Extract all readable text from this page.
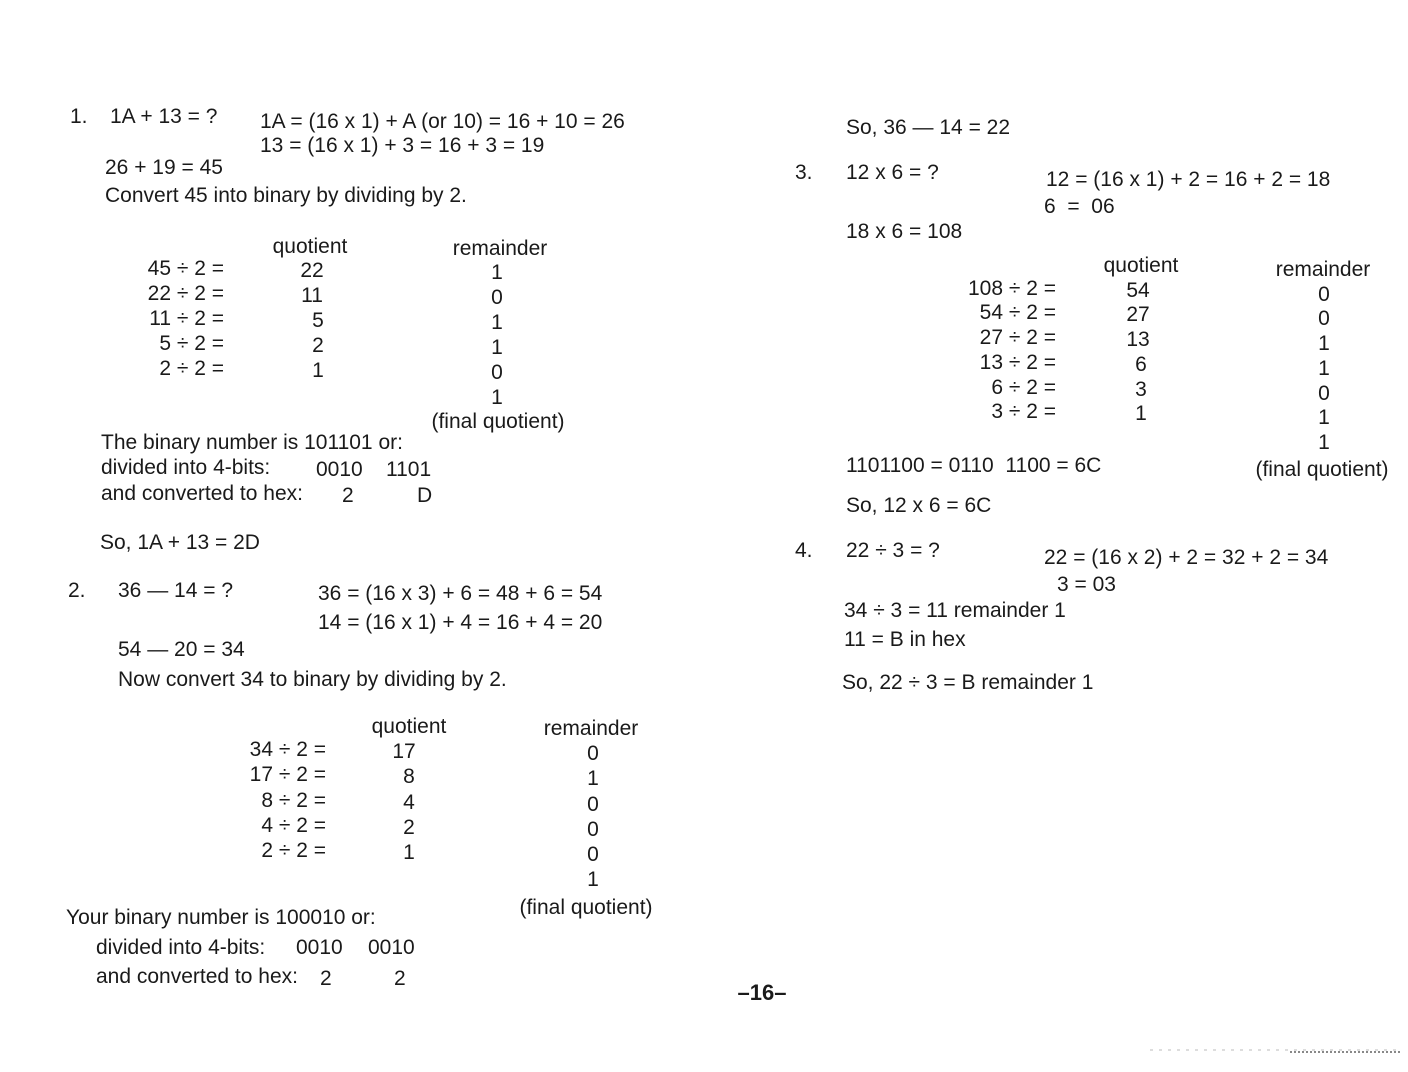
1. 1A + 13 = ? 1A = (16 x 1) + A (or 10) = 16 + 10 = 26
13 = (16 x 1) + 3 = 16 + 3 = 19
26 + 19 = 45
Convert 45 into binary by dividing by 2.
quotient	remainder
45 ÷ 2 =	22	1
22 ÷ 2 =	11	0
11 ÷ 2 =	5	1
5 ÷ 2 =	2	1
2 ÷ 2 =	1	0
1
(final quotient)
The binary number is 101101 or:
divided into 4-bits: 0010 1101
and converted to hex: 2	D
So, 1A + 13 = 2D
2. 36 — 14 = ?	36 = (16 x 3) + 6 = 48 + 6 = 54
14 = (16 x 1) + 4 = 16 + 4 = 20
54 — 20 = 34
Now convert 34 to binary by dividing by 2.
quotient	remainder
34 ÷ 2 =	17	0
17 ÷ 2 =	8	1
8 ÷ 2 =	4	0
4 ÷ 2 =	2	0
2 ÷ 2 =	1	0
1
(final quotient)
Your binary number is 100010 or:
divided into 4-bits: 0010 0010
and converted to hex: 2	2
So, 36 — 14 = 22
3. 12 x 6 = ?	12 = (16 x 1) + 2 = 16 + 2 = 18
6  =  06
18 x 6 = 108
quotient	remainder
108 ÷ 2 =	54	0
54 ÷ 2 =	27	0
27 ÷ 2 =	13	1
13 ÷ 2 =	6	1
6 ÷ 2 =	3	0
3 ÷ 2 =	1	1
1
(final quotient)
1101100 = 0110  1100 = 6C
So, 12 x 6 = 6C
4. 22 ÷ 3 = ?	22 = (16 x 2) + 2 = 32 + 2 = 34
3 = 03
34 ÷ 3 = 11 remainder 1
11 = B in hex
So, 22 ÷ 3 = B remainder 1
–16–
